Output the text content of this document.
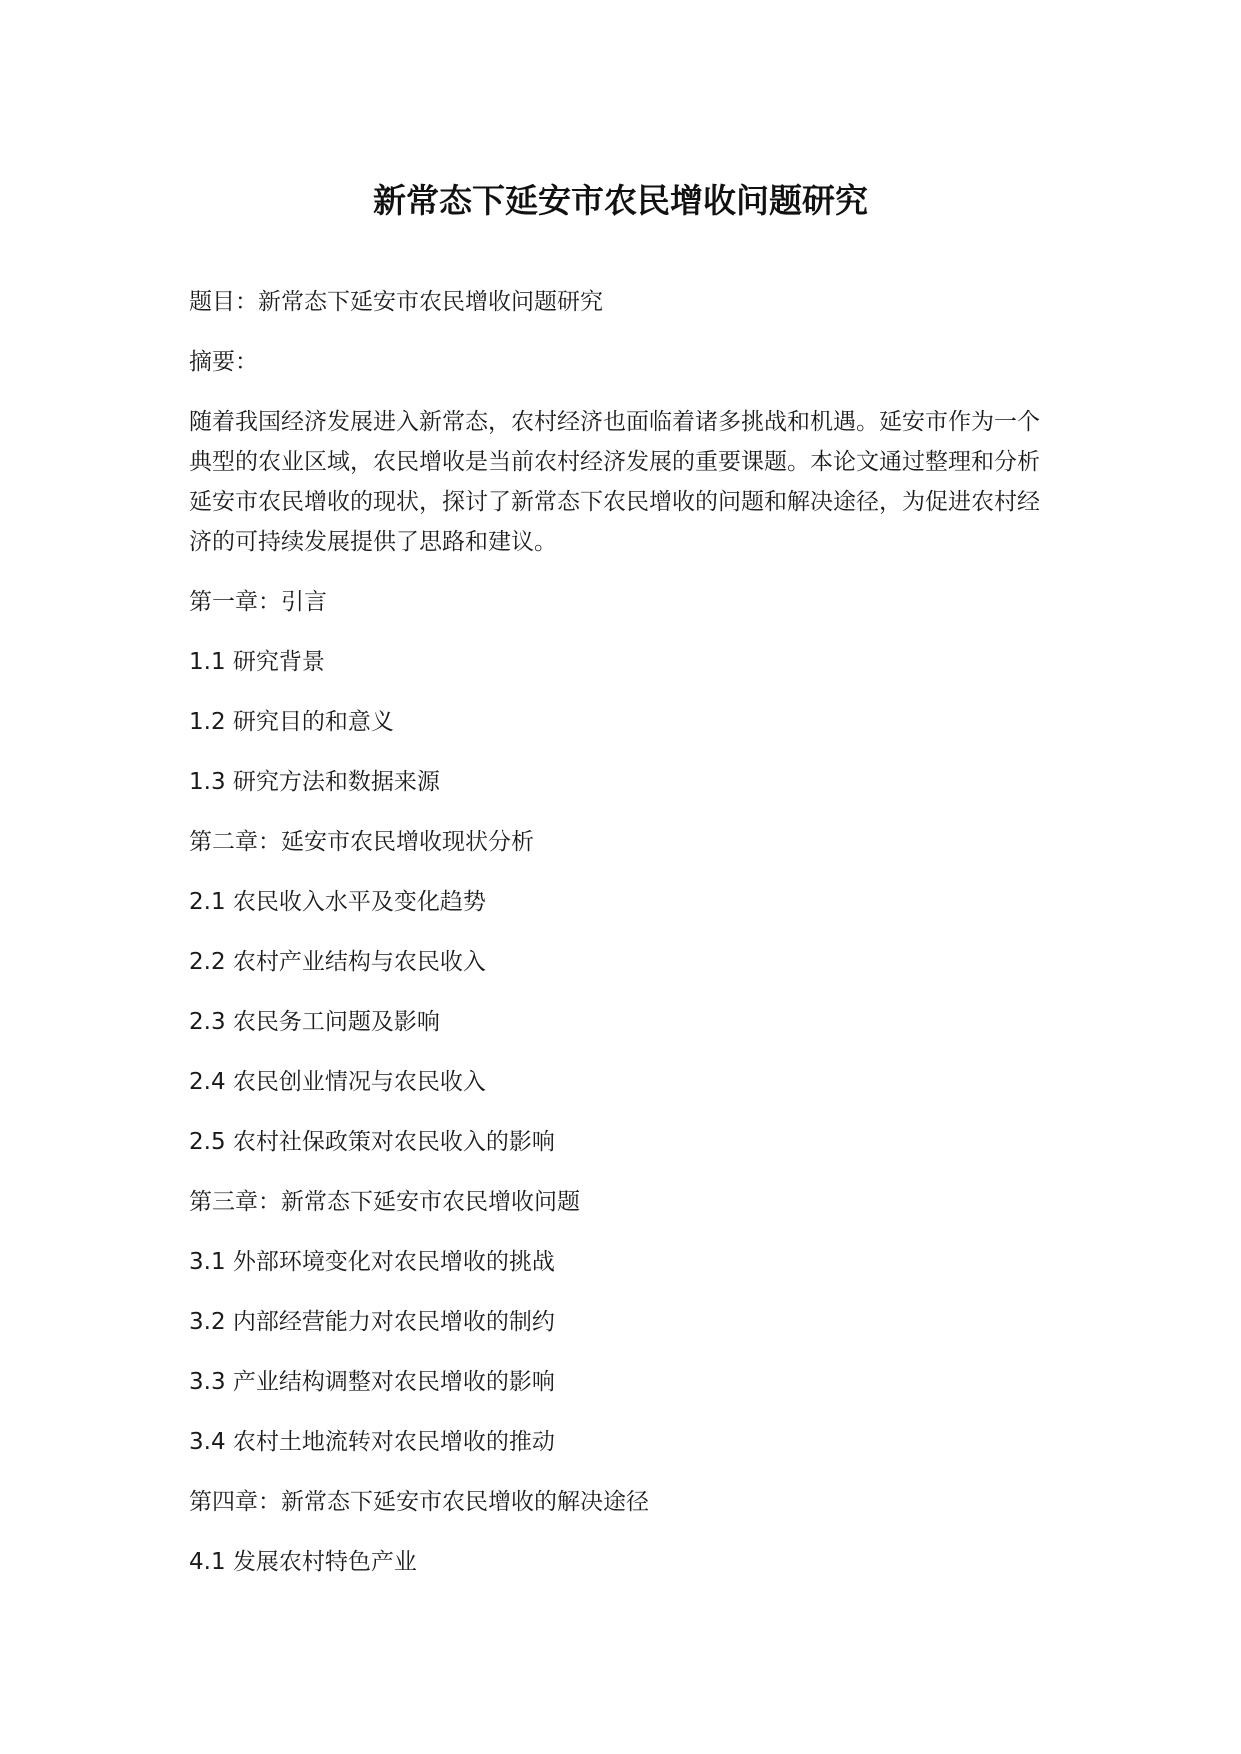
新常态下延安市农民增收问题研究
题目：新常态下延安市农民增收问题研究
摘要：
随着我国经济发展进入新常态，农村经济也面临着诸多挑战和机遇。延安市作为一个
典型的农业区域，农民增收是当前农村经济发展的重要课题。本论文通过整理和分析
延安市农民增收的现状，探讨了新常态下农民增收的问题和解决途径，为促进农村经
济的可持续发展提供了思路和建议。
第一章：引言
1.1 研究背景
1.2 研究目的和意义
1.3 研究方法和数据来源
第二章：延安市农民增收现状分析
2.1 农民收入水平及变化趋势
2.2 农村产业结构与农民收入
2.3 农民务工问题及影响
2.4 农民创业情况与农民收入
2.5 农村社保政策对农民收入的影响
第三章：新常态下延安市农民增收问题
3.1 外部环境变化对农民增收的挑战
3.2 内部经营能力对农民增收的制约
3.3 产业结构调整对农民增收的影响
3.4 农村土地流转对农民增收的推动
第四章：新常态下延安市农民增收的解决途径
4.1 发展农村特色产业
